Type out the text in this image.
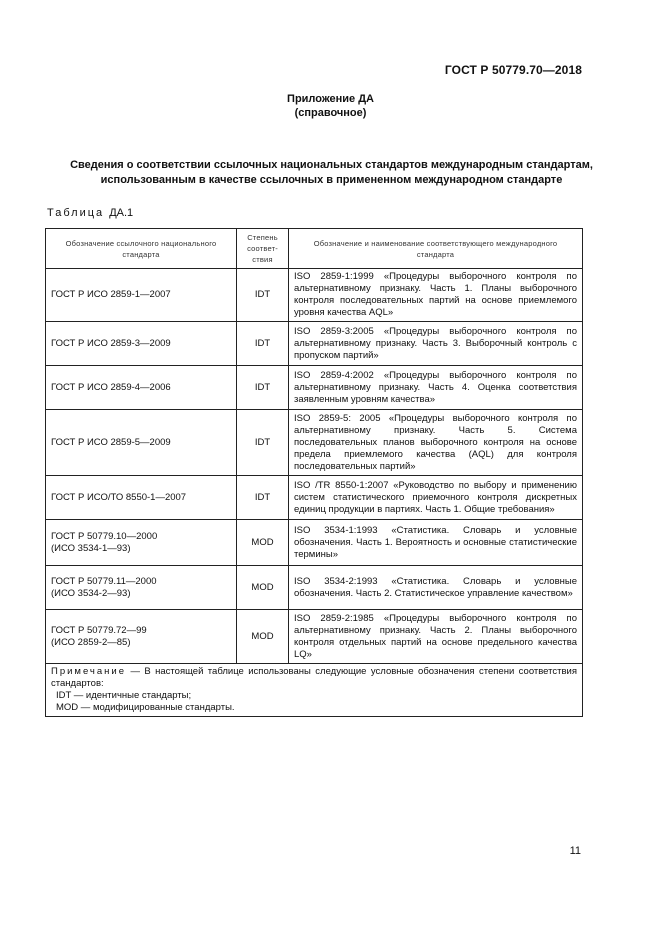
ГОСТ Р 50779.70—2018
Приложение ДА
(справочное)
Сведения о соответствии ссылочных национальных стандартов международным стандартам,
использованным в качестве ссылочных в примененном международном стандарте
Таблица ДА.1
Обозначение ссылочного национального стандарта	Степень соответ-ствия	Обозначение и наименование соответствующего международного стандарта
ГОСТ Р ИСО 2859-1—2007	IDT	ISO 2859-1:1999 «Процедуры выборочного контроля по альтернативному признаку. Часть 1. Планы выборочного контроля последовательных партий на основе приемлемого уровня качества AQL»
ГОСТ Р ИСО 2859-3—2009	IDT	ISO 2859-3:2005 «Процедуры выборочного контроля по альтернативному признаку. Часть 3. Выборочный контроль с пропуском партий»
ГОСТ Р ИСО 2859-4—2006	IDT	ISO 2859-4:2002 «Процедуры выборочного контроля по альтернативному признаку. Часть 4. Оценка соответствия заявленным уровням качества»
ГОСТ Р ИСО 2859-5—2009	IDT	ISO 2859-5: 2005 «Процедуры выборочного контроля по альтернативному признаку. Часть 5. Система последовательных планов выборочного контроля на основе предела приемлемого качества (AQL) для контроля последовательных партий»
ГОСТ Р ИСО/ТО 8550-1—2007	IDT	ISO /TR 8550-1:2007 «Руководство по выбору и применению систем статистического приемочного контроля дискретных единиц продукции в партиях. Часть 1. Общие требования»

ГОСТ Р 50779.10—2000
(ИСО 3534-1—93)	MOD	ISO 3534-1:1993 «Статистика. Словарь и условные обозначения. Часть 1. Вероятность и основные статистические термины»

ГОСТ Р 50779.11—2000
(ИСО 3534-2—93)	MOD	ISO 3534-2:1993 «Статистика. Словарь и условные обозначения. Часть 2. Статистическое управление качеством»

ГОСТ Р 50779.72—99
(ИСО 2859-2—85)	MOD	ISO 2859-2:1985 «Процедуры выборочного контроля по альтернативному признаку. Часть 2. Планы выборочного контроля отдельных партий на основе предельного качества LQ»
Примечание — В настоящей таблице использованы следующие условные обозначения степени соответствия стандартов:
IDT — идентичные стандарты;
MOD — модифицированные стандарты.		
11
